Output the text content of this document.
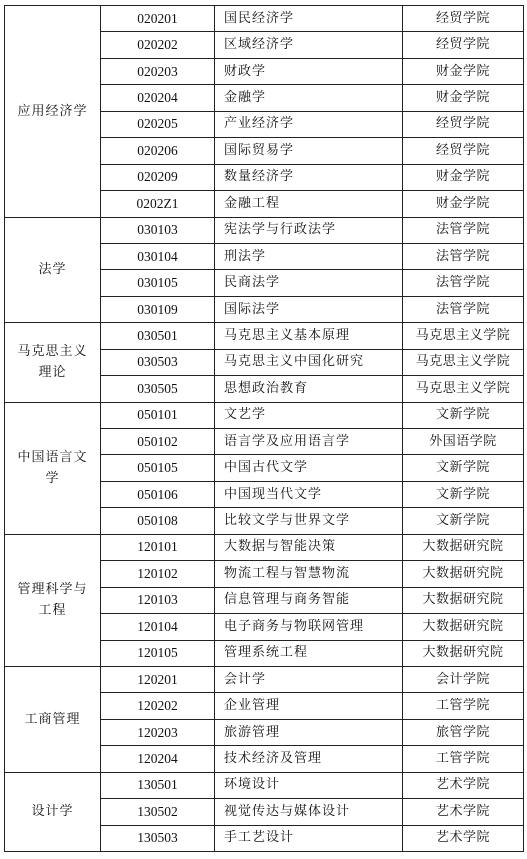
应用经济学	020201	国民经济学	经贸学院
	020202	区域经济学	经贸学院
	020203	财政学	财金学院
	020204	金融学	财金学院
	020205	产业经济学	经贸学院
	020206	国际贸易学	经贸学院
	020209	数量经济学	财金学院
	0202Z1	金融工程	财金学院
法学	030103	宪法学与行政法学	法管学院
	030104	刑法学	法管学院
	030105	民商法学	法管学院
	030109	国际法学	法管学院
马克思主义理论	030501	马克思主义基本原理	马克思主义学院
	030503	马克思主义中国化研究	马克思主义学院
	030505	思想政治教育	马克思主义学院
中国语言文学	050101	文艺学	文新学院
	050102	语言学及应用语言学	外国语学院
	050105	中国古代文学	文新学院
	050106	中国现当代文学	文新学院
	050108	比较文学与世界文学	文新学院
管理科学与工程	120101	大数据与智能决策	大数据研究院
	120102	物流工程与智慧物流	大数据研究院
	120103	信息管理与商务智能	大数据研究院
	120104	电子商务与物联网管理	大数据研究院
	120105	管理系统工程	大数据研究院
工商管理	120201	会计学	会计学院
	120202	企业管理	工管学院
	120203	旅游管理	旅管学院
	120204	技术经济及管理	工管学院
设计学	130501	环境设计	艺术学院
	130502	视觉传达与媒体设计	艺术学院
	130503	手工艺设计	艺术学院
